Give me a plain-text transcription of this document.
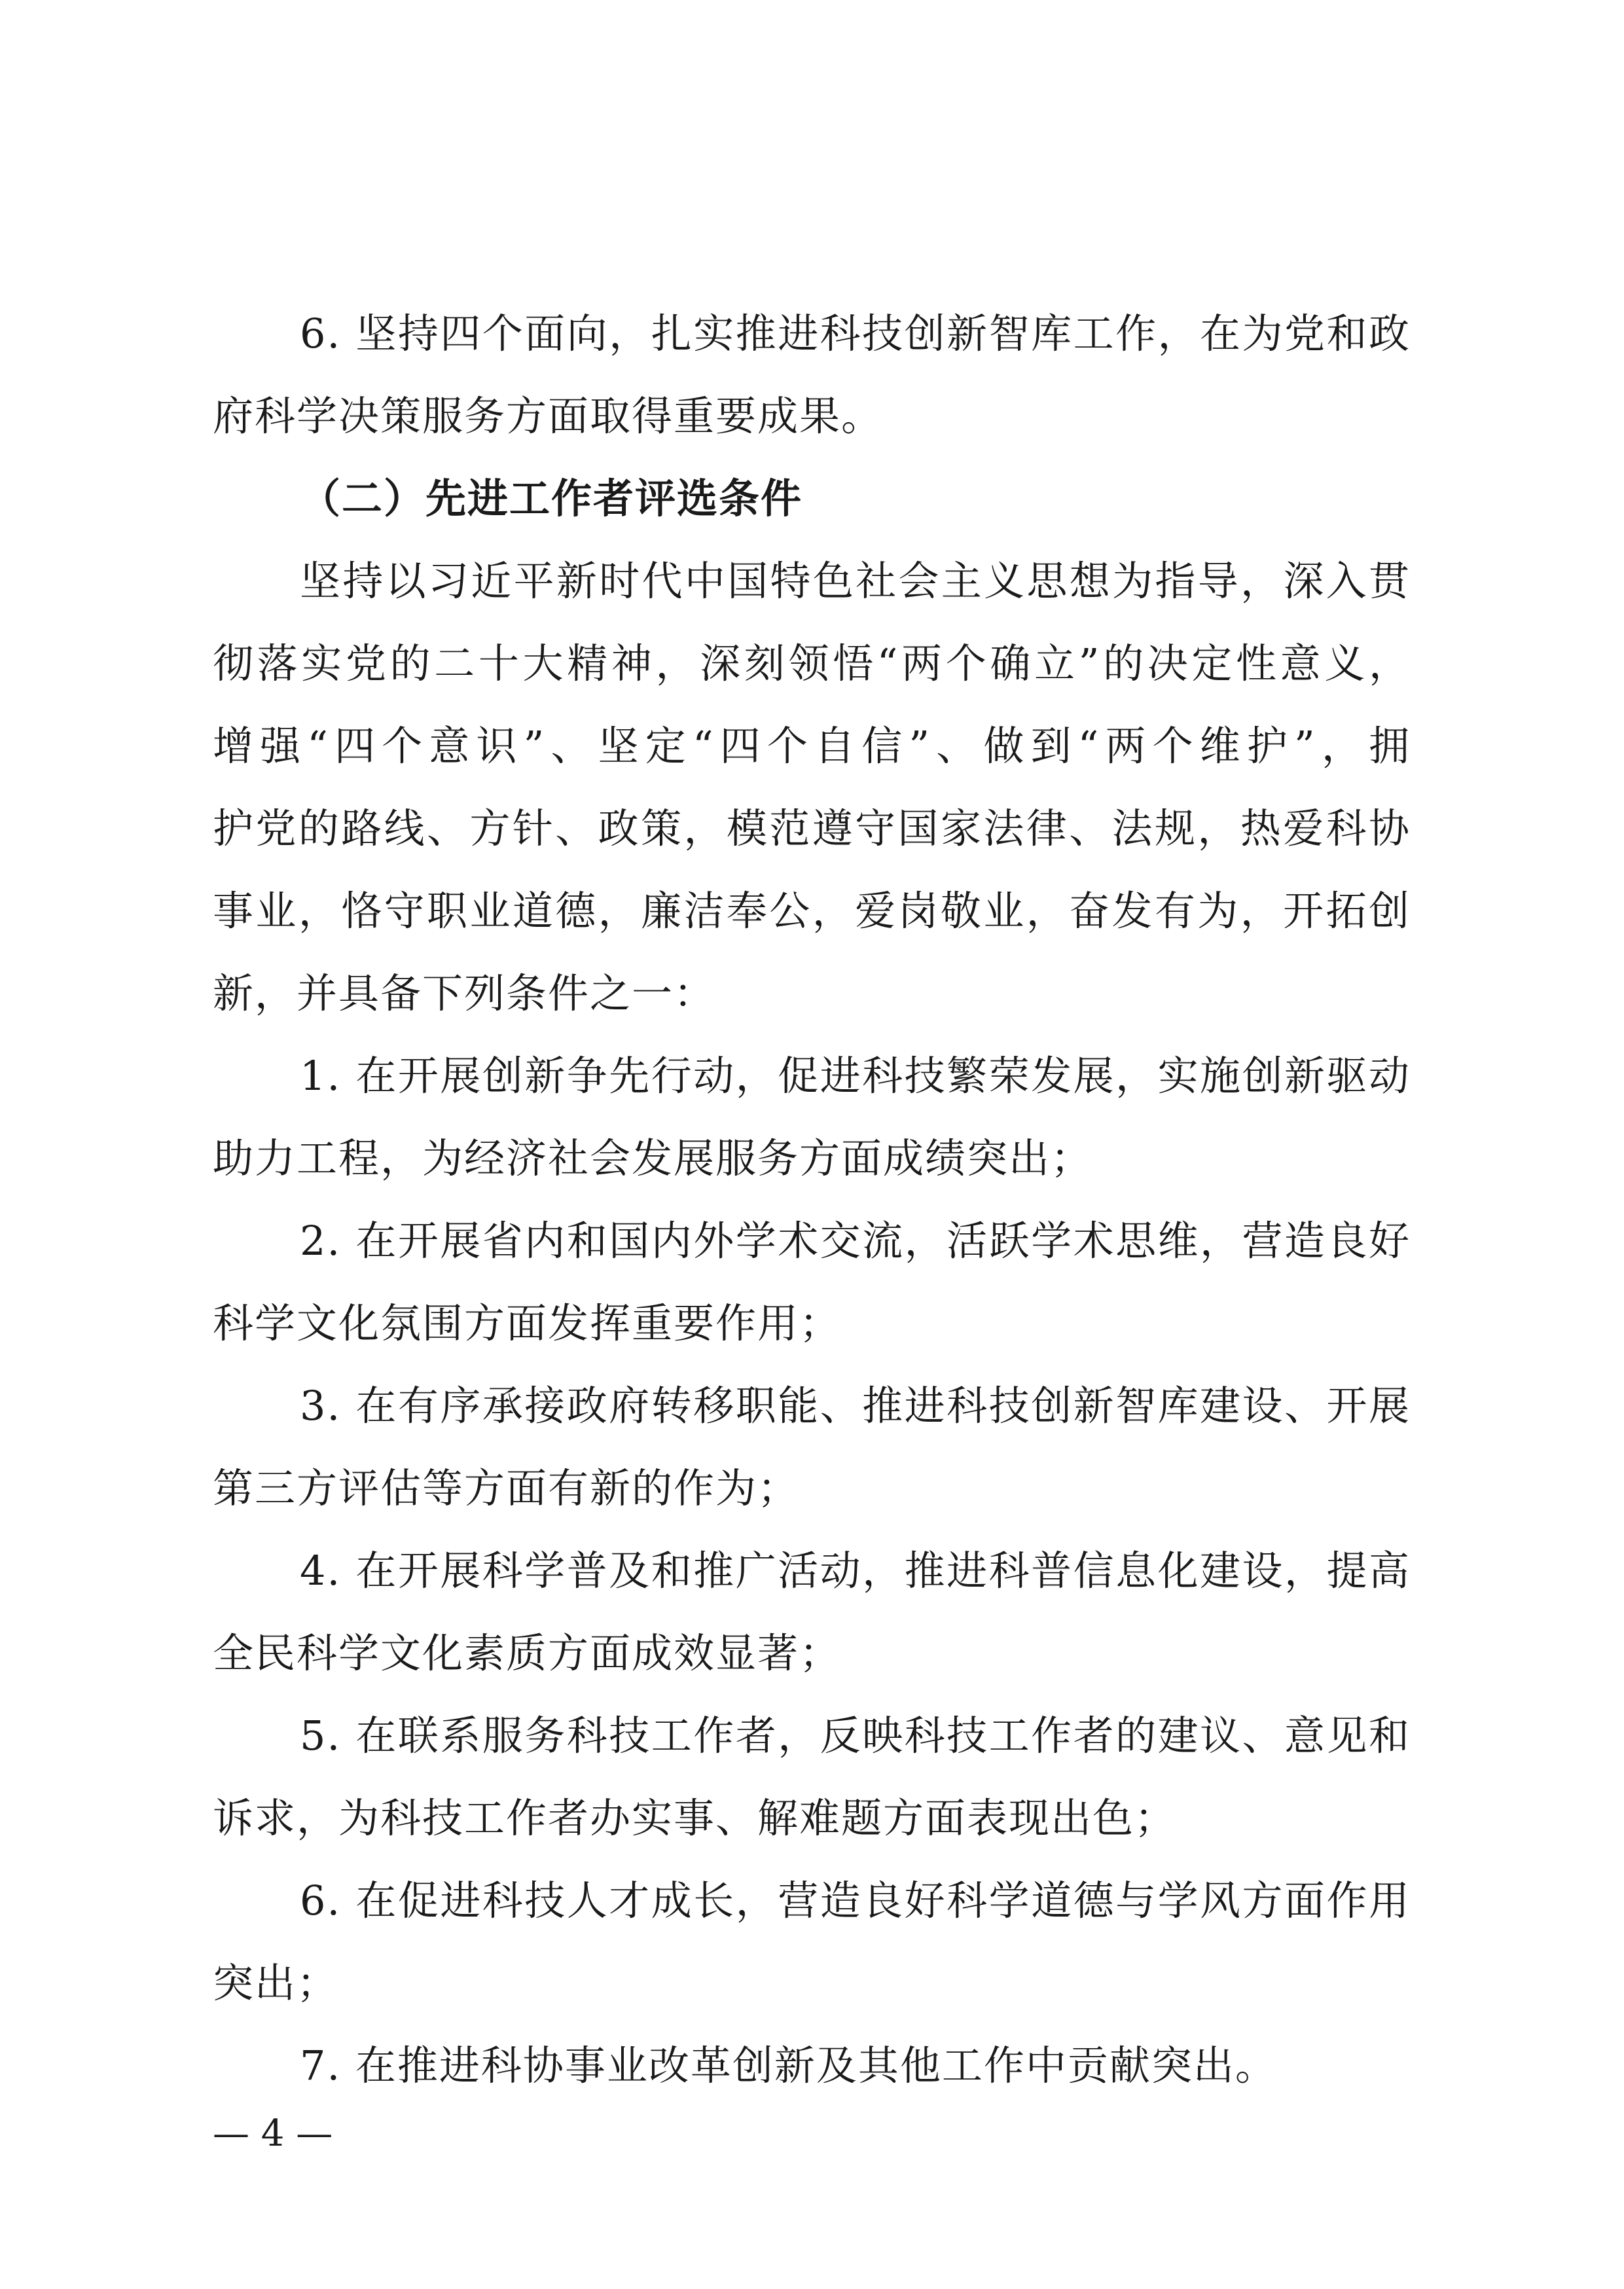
6. 坚持四个面向，扎实推进科技创新智库工作，在为党和政
府科学决策服务方面取得重要成果。
（二）先进工作者评选条件
坚持以习近平新时代中国特色社会主义思想为指导，深入贯
彻落实党的二十大精神，深刻领悟“两个确立”的决定性意义，
增强“四个意识”、坚定“四个自信”、做到“两个维护”，拥
护党的路线、方针、政策，模范遵守国家法律、法规，热爱科协
事业，恪守职业道德，廉洁奉公，爱岗敬业，奋发有为，开拓创
新，并具备下列条件之一：
1. 在开展创新争先行动，促进科技繁荣发展，实施创新驱动
助力工程，为经济社会发展服务方面成绩突出；
2. 在开展省内和国内外学术交流，活跃学术思维，营造良好
科学文化氛围方面发挥重要作用；
3. 在有序承接政府转移职能、推进科技创新智库建设、开展
第三方评估等方面有新的作为；
4. 在开展科学普及和推广活动，推进科普信息化建设，提高
全民科学文化素质方面成效显著；
5. 在联系服务科技工作者，反映科技工作者的建议、意见和
诉求，为科技工作者办实事、解难题方面表现出色；
6. 在促进科技人才成长，营造良好科学道德与学风方面作用
突出；
7. 在推进科协事业改革创新及其他工作中贡献突出。
— 4 —
